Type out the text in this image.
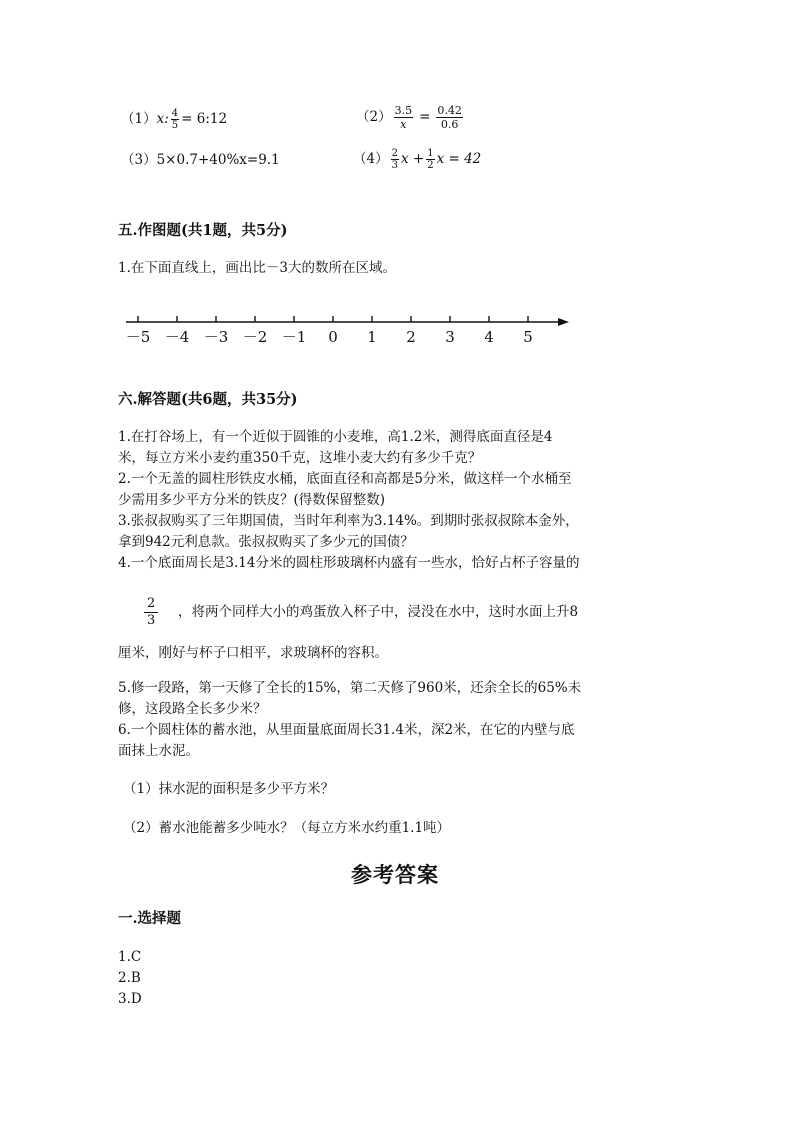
（1）x: $\frac{4}{5}$ = 6:12	$(2) \frac{3.5}{x} = \frac{0.42}{0.6}$
（3）5×0.7+40%x=9.1	$(4) \frac{2}{3}$ $x + \frac{1}{2}$ x = 42
五.作图题(共1题，共5分)
1.在下面直线上，画出比－3大的数所在区域。
－5 －4 －3 －2 －1 0 1 2 3 4 5
六.解答题(共6题，共35分)
1.在打谷场上，有一个近似于圆锥的小麦堆，高1.2米，测得底面直径是4
米，每立方米小麦约重350千克，这堆小麦大约有多少千克？
2.一个无盖的圆柱形铁皮水桶，底面直径和高都是5分米，做这样一个水桶至
少需用多少平方分米的铁皮？(得数保留整数)
3.张叔叔购买了三年期国债，当时年利率为3.14%。到期时张叔叔除本金外，
拿到942元利息款。张叔叔购买了多少元的国债？
4.一个底面周长是3.14分米的圆柱形玻璃杯内盛有一些水，恰好占杯子容量的
$\frac{2}{3}$ ，将两个同样大小的鸡蛋放入杯子中，浸没在水中，这时水面上升8
厘米，刚好与杯子口相平，求玻璃杯的容积。
5.修一段路，第一天修了全长的15%，第二天修了960米，还余全长的65%未
修，这段路全长多少米？
6.一个圆柱体的蓄水池，从里面量底面周长31.4米，深2米，在它的内壁与底
面抹上水泥。
（1）抹水泥的面积是多少平方米？
（2）蓄水池能蓄多少吨水？（每立方米水约重1.1吨）
参考答案
一.选择题
1.C
2.B
3.D
